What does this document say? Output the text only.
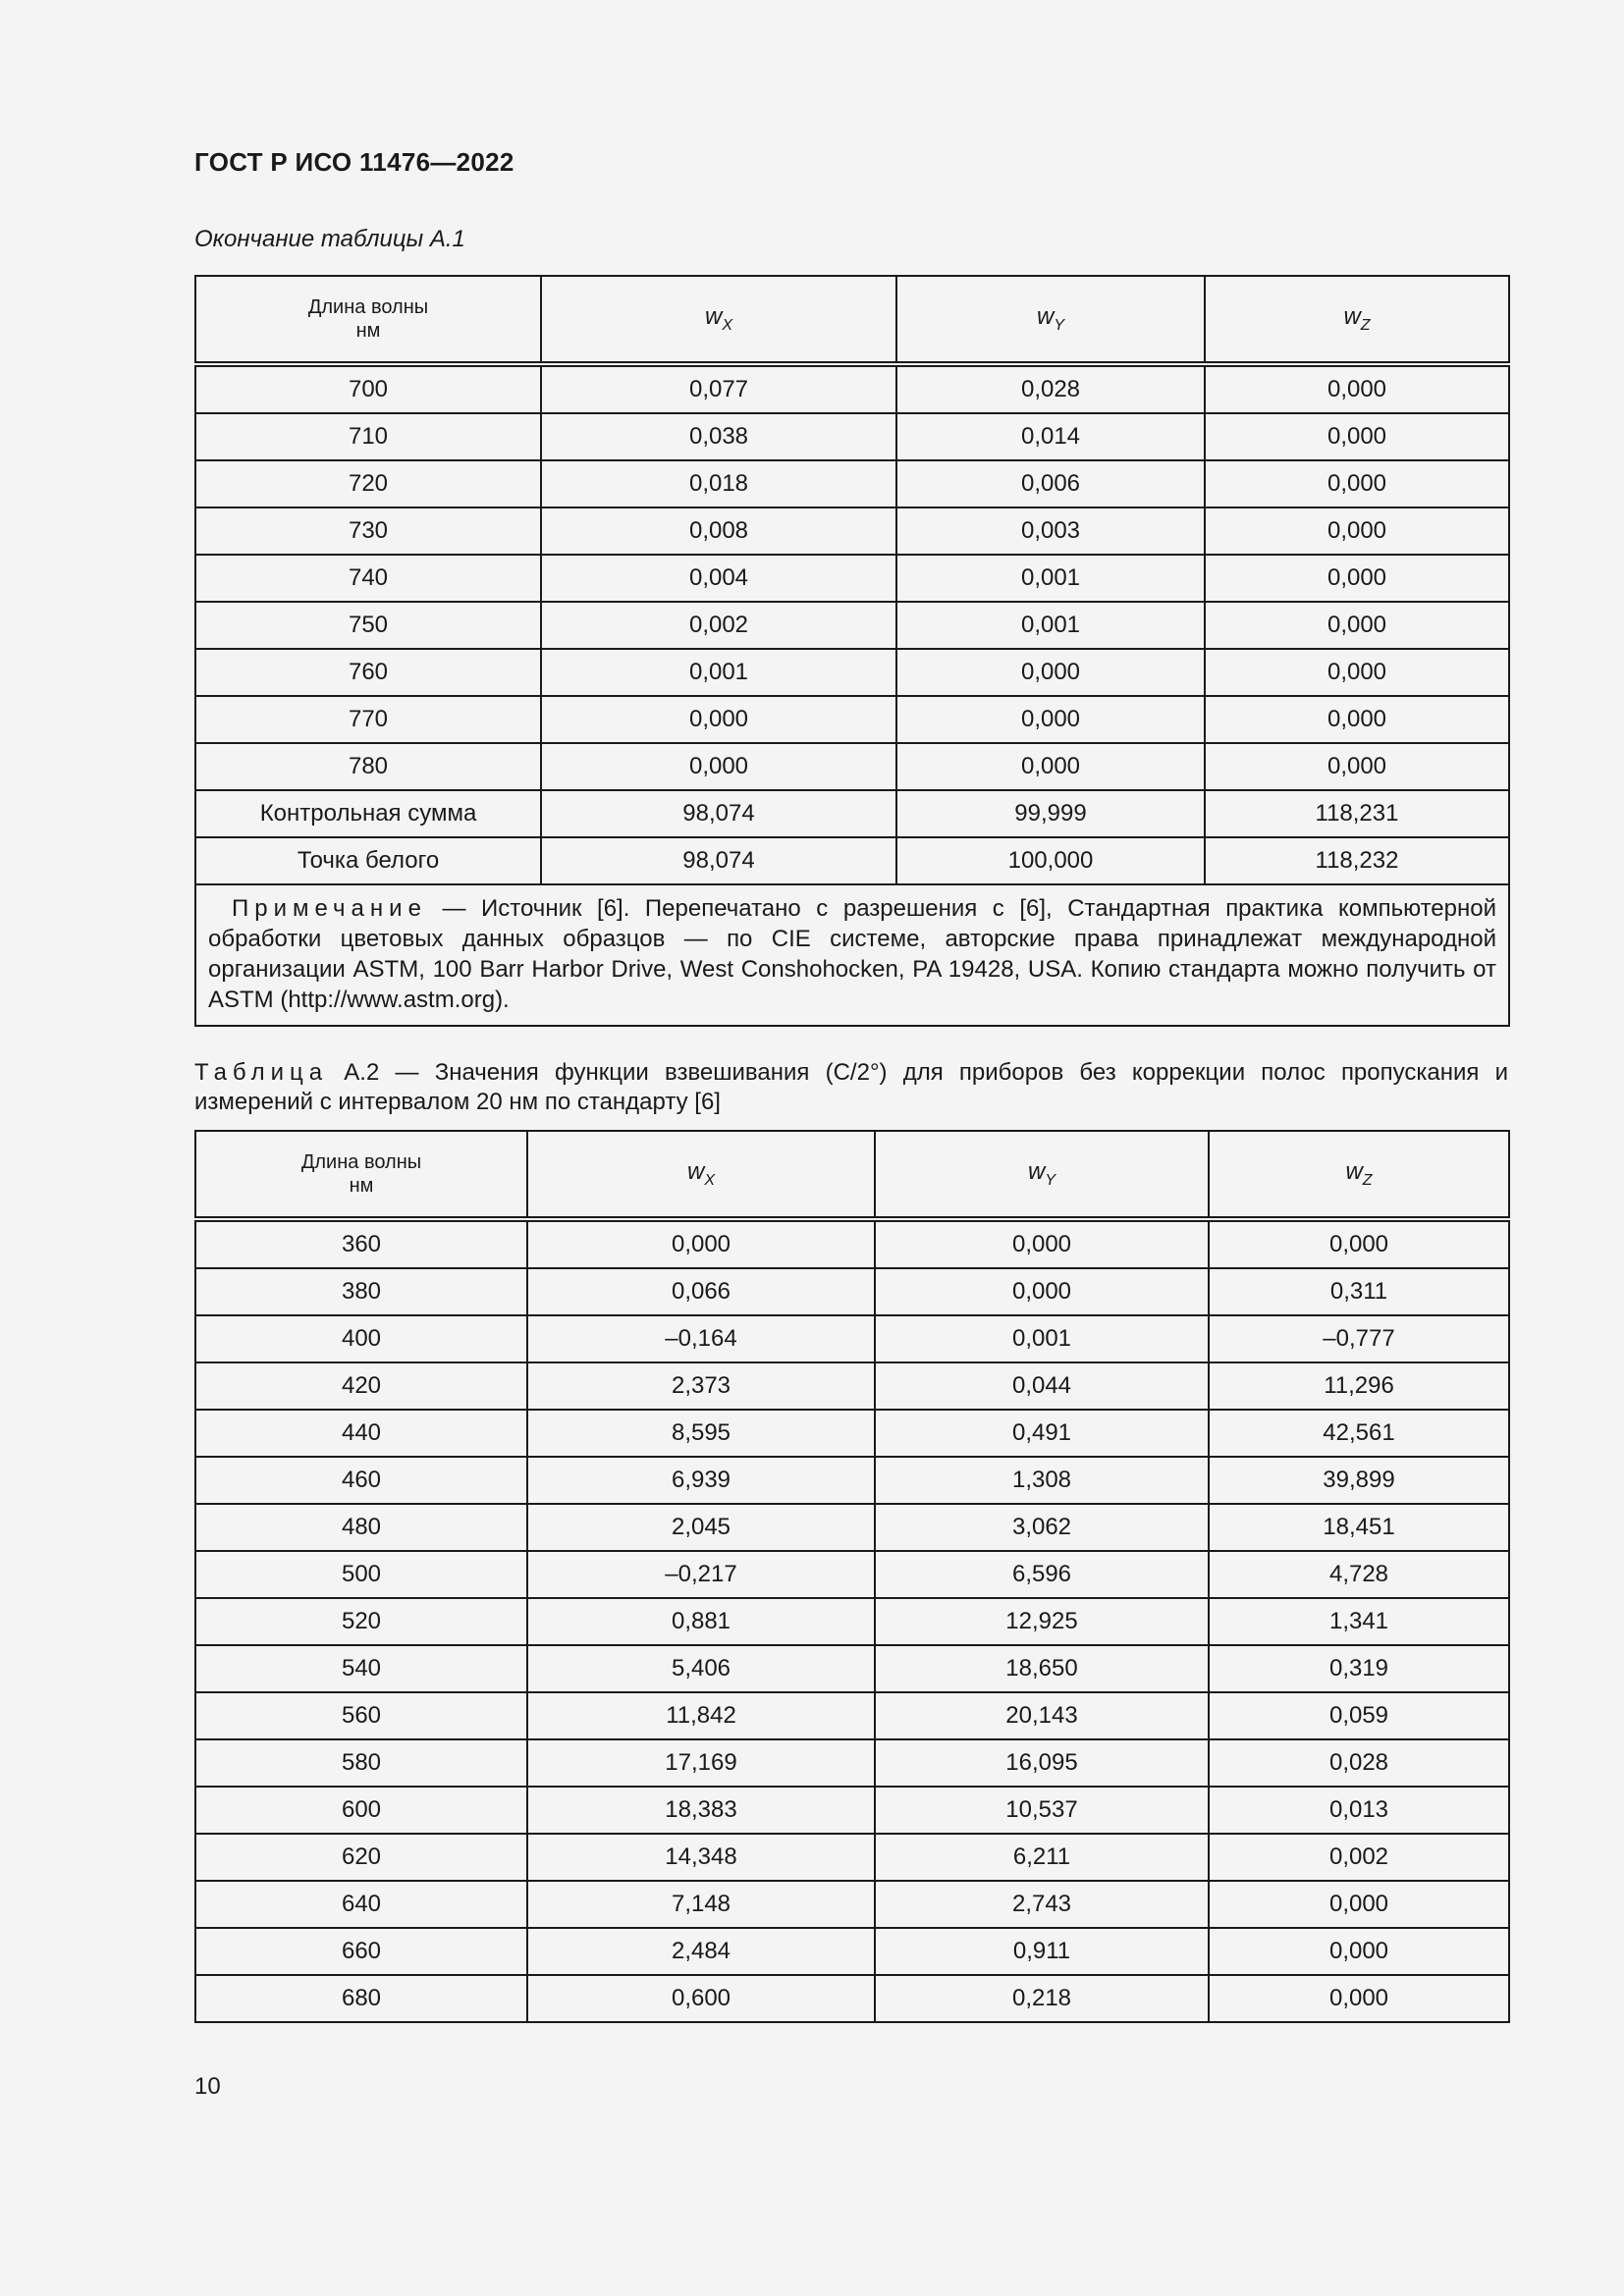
ГОСТ Р ИСО 11476—2022
Окончание таблицы А.1
Длина волны
нм	$w_X$	$w_Y$	$w_Z$
700	0,077	0,028	0,000
710	0,038	0,014	0,000
720	0,018	0,006	0,000
730	0,008	0,003	0,000
740	0,004	0,001	0,000
750	0,002	0,001	0,000
760	0,001	0,000	0,000
770	0,000	0,000	0,000
780	0,000	0,000	0,000
Контрольная сумма	98,074	99,999	118,231
Точка белого	98,074	100,000	118,232
Примечание — Источник [6]. Перепечатано с разрешения с [6], Стандартная практика компьютерной обработки цветовых данных образцов — по CIE системе, авторские права принадлежат международной организации ASTM, 100 Barr Harbor Drive, West Conshohocken, PA 19428, USA. Копию стандарта можно получить от ASTM (http://www.astm.org).			
Таблица А.2 — Значения функции взвешивания (С/2°) для приборов без коррекции полос пропускания и измерений с интервалом 20 нм по стандарту [6]
Длина волны
нм	$w_X$	$w_Y$	$w_Z$
360	0,000	0,000	0,000
380	0,066	0,000	0,311
400	–0,164	0,001	–0,777
420	2,373	0,044	11,296
440	8,595	0,491	42,561
460	6,939	1,308	39,899
480	2,045	3,062	18,451
500	–0,217	6,596	4,728
520	0,881	12,925	1,341
540	5,406	18,650	0,319
560	11,842	20,143	0,059
580	17,169	16,095	0,028
600	18,383	10,537	0,013
620	14,348	6,211	0,002
640	7,148	2,743	0,000
660	2,484	0,911	0,000
680	0,600	0,218	0,000
10
